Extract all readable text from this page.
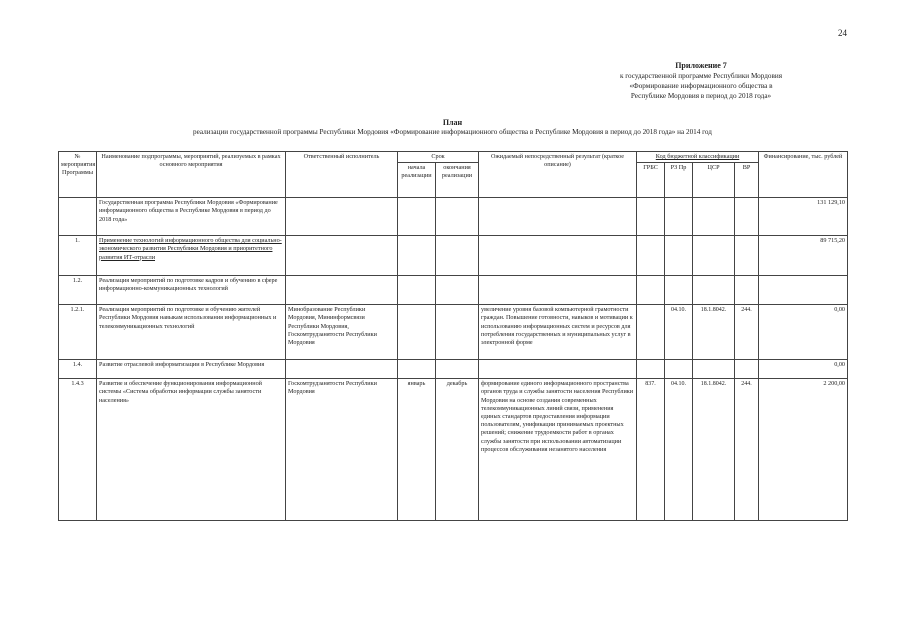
24
Приложение 7
к государственной программе Республики Мордовия
«Формирование информационного общества в
Республике Мордовия в период до 2018 года»
План
реализации государственной программы Республики Мордовия «Формирование информационного общества в Республике Мордовия в период до 2018 года» на 2014 год
№ мероприятия Программы	Наименование подпрограммы, мероприятий, реализуемых в рамках основного мероприятия	Ответственный исполнитель	Срок		Ожидаемый непосредственный результат (краткое описание)	Код бюджетной классификации				Финансирование, тыс. рублей
			начала реализации	окончания реализации		ГРБС	РЗ Пр	ЦСР	ВР	
	Государственная программа Республики Мордовия «Формирование информационного общества в Республике Мордовия в период до 2018 года»									131 129,10
1.	Применение технологий информационного общества для социально-экономического развития Республики Мордовия и приоритетного развития ИТ-отрасли									89 715,20
1.2.	Реализация мероприятий по подготовке кадров и обучению в сфере информационно-коммуникационных технологий									
1.2.1.	Реализация мероприятий по подготовке и обучению жителей Республики Мордовия навыкам использования информационных и телекоммуникационных технологий	Минобразование Республики Мордовия, Мининформсвязи Республики Мордовия, Госкомтрудзанятости Республики Мордовия			увеличение уровня базовой компьютерной грамотности граждан. Повышение готовности, навыков и мотивации к использованию информационных систем и ресурсов для потребления государственных и муниципальных услуг в электронной форме		04.10.	18.1.8042.	244.	0,00
1.4.	Развитие отраслевой информатизации в Республике Мордовия									0,00
1.4.3	Развитие и обеспечение функционирования информационной системы «Система обработки информации службы занятости населения»	Госкомтрудзанятости Республики Мордовия	январь	декабрь	формирование единого информационного пространства органов труда и службы занятости населения Республики Мордовия на основе создания современных телекоммуникационных линий связи, применения единых стандартов предоставления информации пользователям, унификации принимаемых проектных решений; снижение трудоемкости работ в органах службы занятости при использовании автоматизации процессов обслуживания незанятого населения	837.	04.10.	18.1.8042.	244.	2 200,00
